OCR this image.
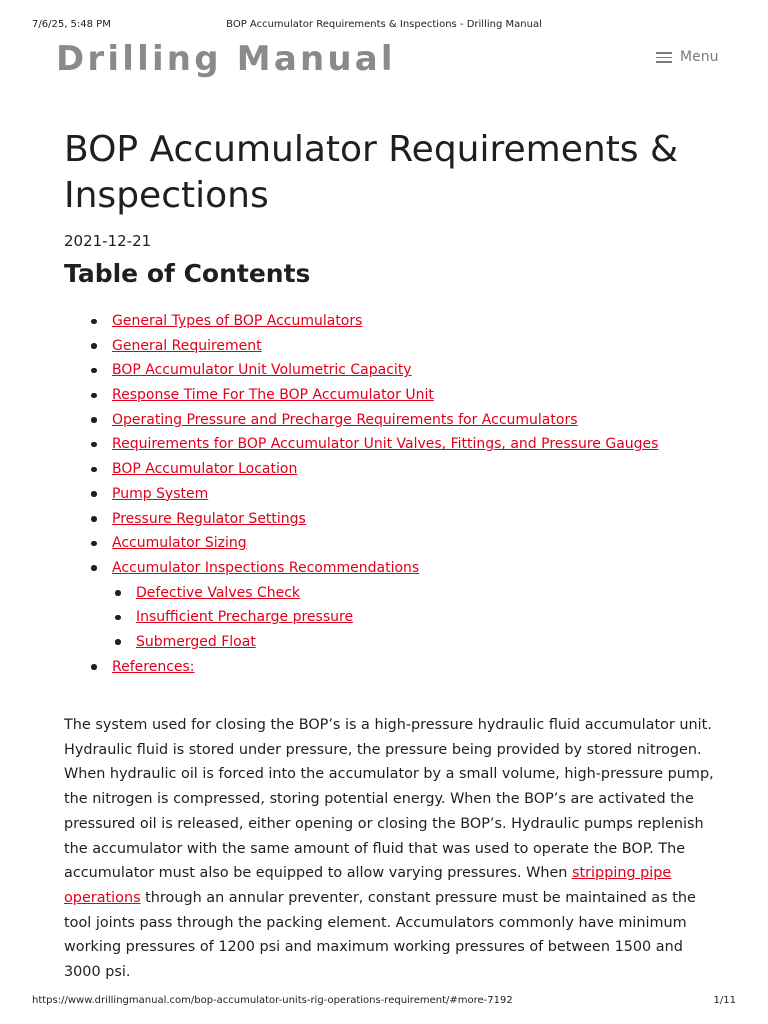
7/6/25, 5:48 PM	BOP Accumulator Requirements & Inspections - Drilling Manual
Drilling Manual	Menu
BOP Accumulator Requirements & Inspections
2021-12-21
Table of Contents
General Types of BOP Accumulators
General Requirement
BOP Accumulator Unit Volumetric Capacity
Response Time For The BOP Accumulator Unit
Operating Pressure and Precharge Requirements for Accumulators
Requirements for BOP Accumulator Unit Valves, Fittings, and Pressure Gauges
BOP Accumulator Location
Pump System
Pressure Regulator Settings
Accumulator Sizing
Accumulator Inspections Recommendations
Defective Valves Check
Insufficient Precharge pressure
Submerged Float
References:

The system used for closing the BOP’s is a high-pressure hydraulic fluid accumulator unit. Hydraulic fluid is stored under pressure, the pressure being provided by stored nitrogen. When hydraulic oil is forced into the accumulator by a small volume, high-pressure pump, the nitrogen is compressed, storing potential energy. When the BOP’s are activated the pressured oil is released, either opening or closing the BOP’s. Hydraulic pumps replenish the accumulator with the same amount of fluid that was used to operate the BOP. The accumulator must also be equipped to allow varying pressures. When stripping pipe operations through an annular preventer, constant pressure must be maintained as the tool joints pass through the packing element. Accumulators commonly have minimum working pressures of 1200 psi and maximum working pressures of between 1500 and 3000 psi.

https://www.drillingmanual.com/bop-accumulator-units-rig-operations-requirement/#more-7192	1/11
